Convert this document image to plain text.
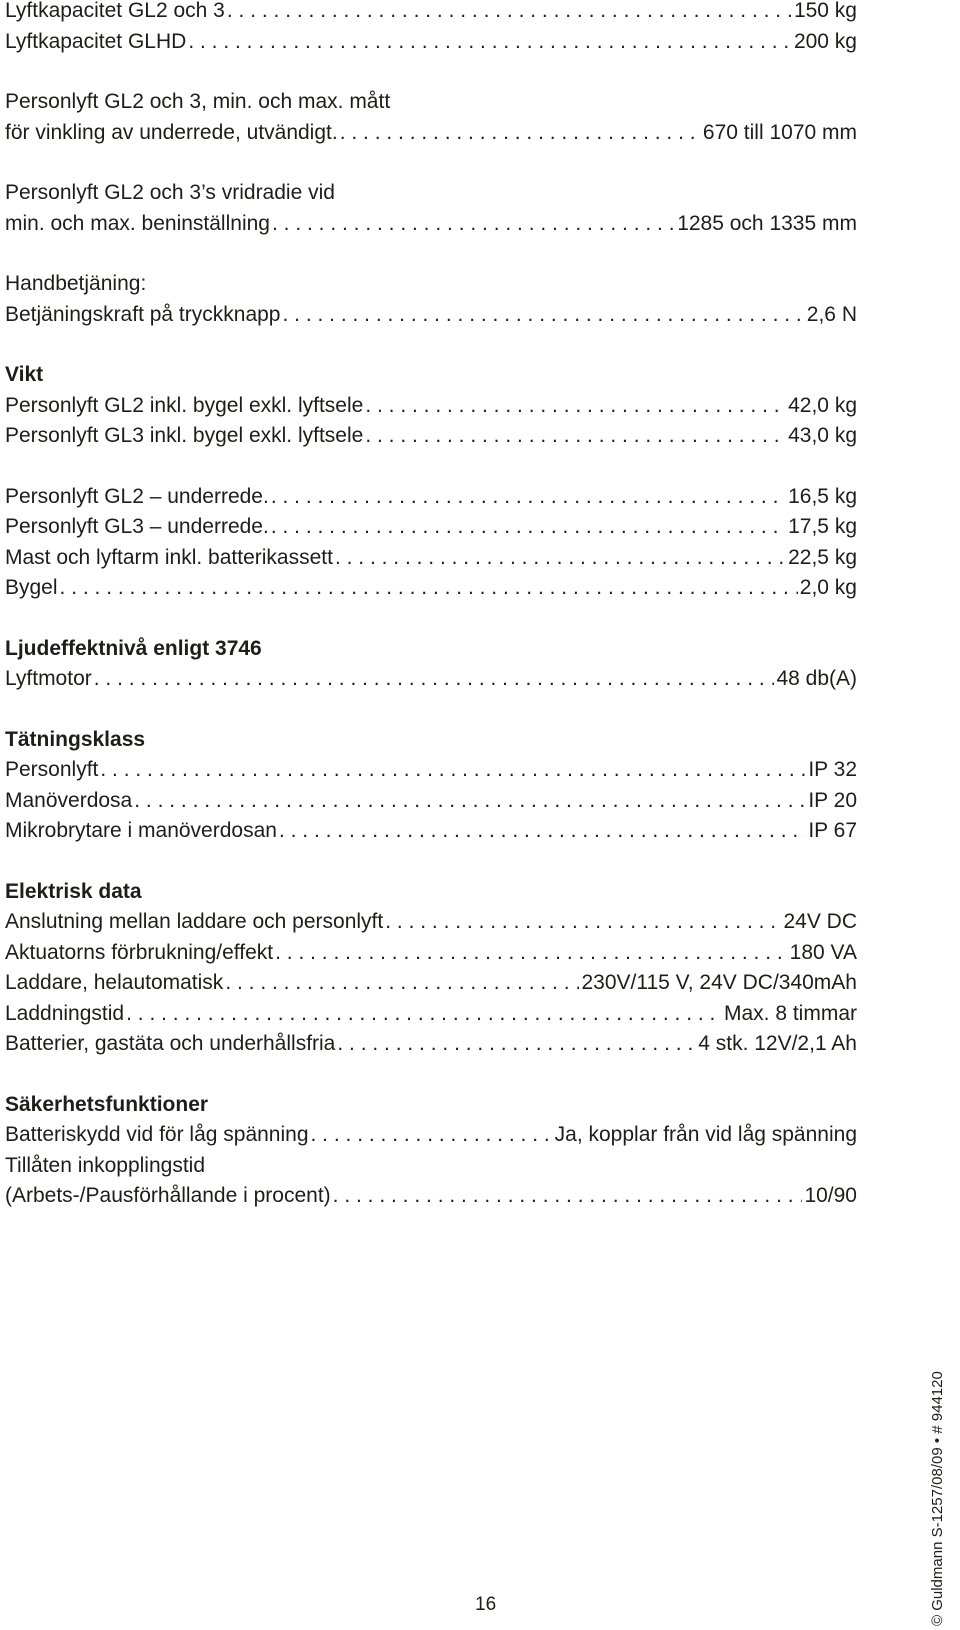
Lyftkapacitet GL2 och 3 . . .	150 kg
Lyftkapacitet GLHD . . .	200 kg
Personlyft GL2 och 3, min. och max. mått
för vinkling av underrede, utvändigt. . . .	670 till 1070 mm
Personlyft GL2 och 3’s vridradie vid
min. och max. beninställning . . .	1285 och 1335 mm
Handbetjäning:
Betjäningskraft på tryckknapp . . .	2,6 N
Vikt
Personlyft GL2 inkl. bygel exkl. lyftsele . . .	42,0 kg
Personlyft GL3 inkl. bygel exkl. lyftsele . . .	43,0 kg
Personlyft GL2 – underrede. . . .	16,5 kg
Personlyft GL3 – underrede. . . .	17,5 kg
Mast och lyftarm inkl. batterikassett . . .	22,5 kg
Bygel . . .	2,0 kg
Ljudeffektnivå enligt 3746
Lyftmotor . . .	48 db(A)
Tätningsklass
Personlyft . . .	IP 32
Manöverdosa . . .	IP 20
Mikrobrytare i manöverdosan . . .	IP 67
Elektrisk data
Anslutning mellan laddare och personlyft . . .	24V DC
Aktuatorns förbrukning/effekt . . .	180 VA
Laddare, helautomatisk . . .	230V/115 V, 24V DC/340mAh
Laddningstid . . .	Max. 8 timmar
Batterier, gastäta och underhållsfria . . .	4 stk. 12V/2,1 Ah
Säkerhetsfunktioner
Batteriskydd vid för låg spänning . . .	Ja, kopplar från vid låg spänning
Tillåten inkopplingstid
(Arbets-/Pausförhållande i procent) . . .	10/90
16	© Guldmann S-1257/08/09 • # 944120
